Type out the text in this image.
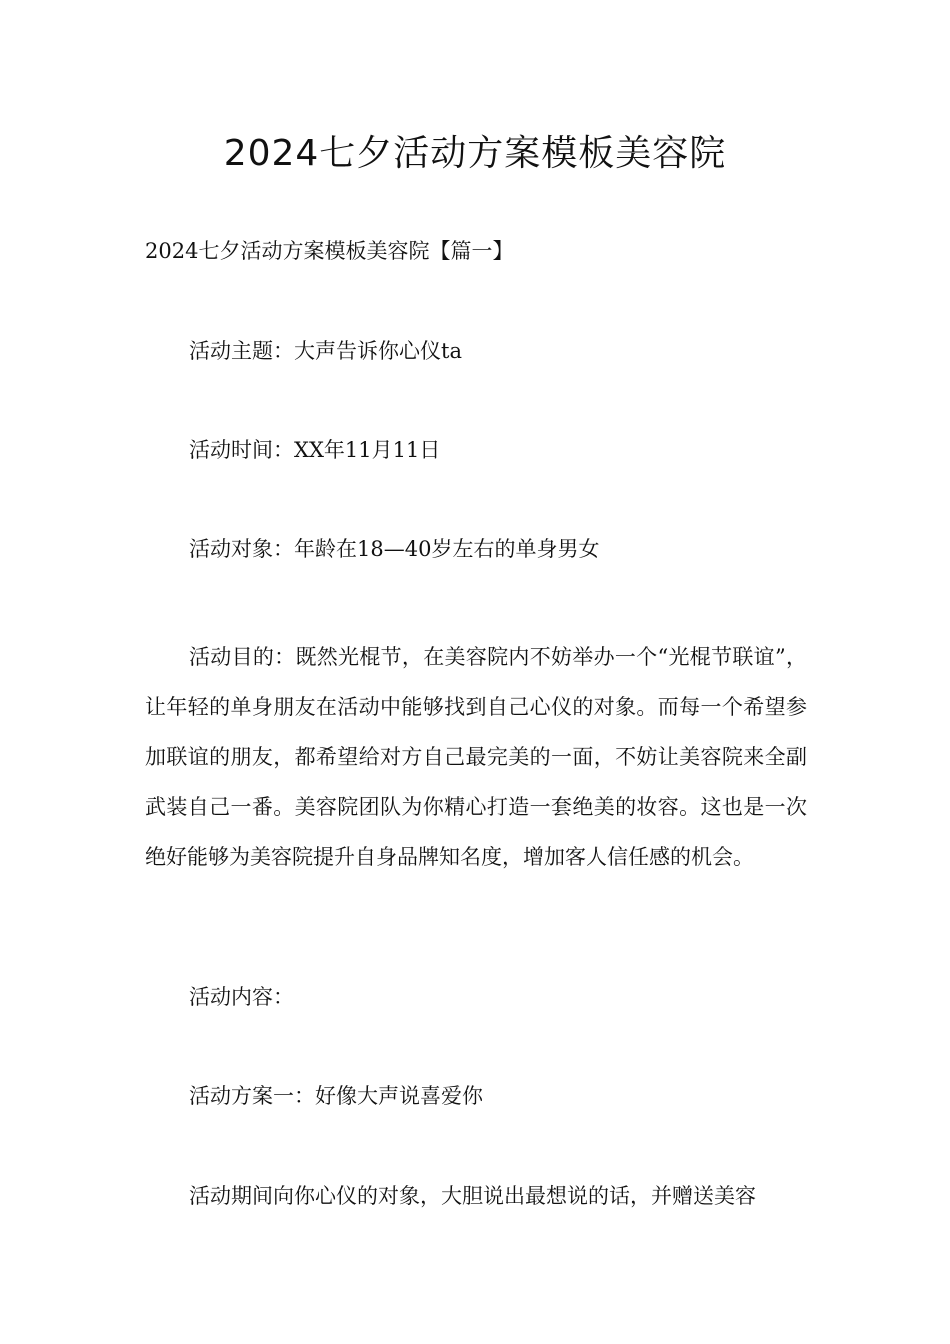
2024七夕活动方案模板美容院

2024七夕活动方案模板美容院【篇一】

活动主题：大声告诉你心仪ta

活动时间：XX年11月11日

活动对象：年龄在18—40岁左右的单身男女

活动目的：既然光棍节，在美容院内不妨举办一个“光棍节联谊”，让年轻的单身朋友在活动中能够找到自己心仪的对象。而每一个希望参加联谊的朋友，都希望给对方自己最完美的一面，不妨让美容院来全副武装自己一番。美容院团队为你精心打造一套绝美的妆容。这也是一次绝好能够为美容院提升自身品牌知名度，增加客人信任感的机会。

活动内容：

活动方案一：好像大声说喜爱你

活动期间向你心仪的对象，大胆说出最想说的话，并赠送美容
